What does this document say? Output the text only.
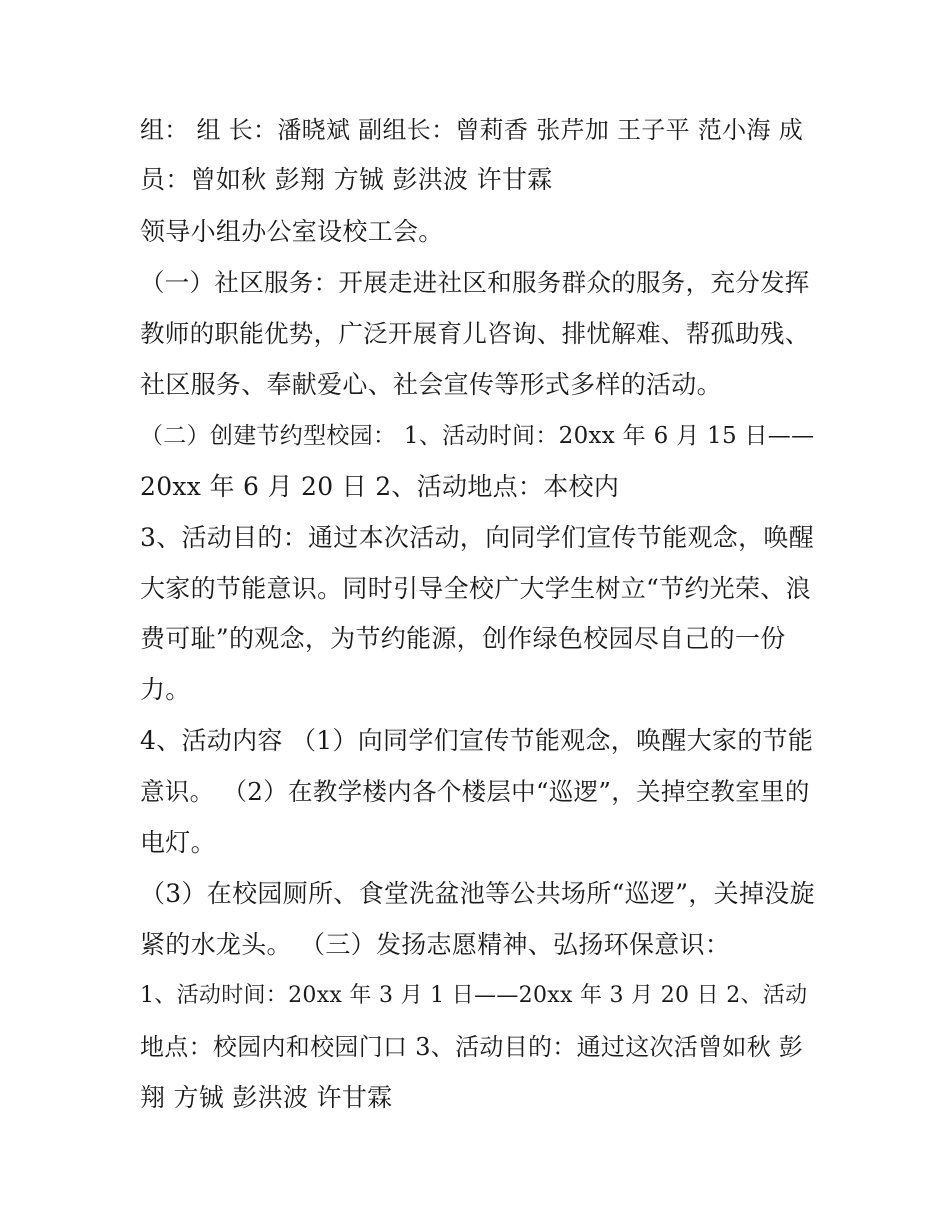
组： 组 长：潘晓斌 副组长：曾莉香 张芹加 王子平 范小海 成
员：曾如秋 彭翔 方铖 彭洪波 许甘霖
领导小组办公室设校工会。
（一）社区服务：开展走进社区和服务群众的服务，充分发挥
教师的职能优势，广泛开展育儿咨询、排忧解难、帮孤助残、
社区服务、奉献爱心、社会宣传等形式多样的活动。
（二）创建节约型校园： 1、活动时间：20xx 年 6 月 15 日——
20xx 年 6 月 20 日 2、活动地点：本校内
3、活动目的：通过本次活动，向同学们宣传节能观念，唤醒
大家的节能意识。同时引导全校广大学生树立“节约光荣、浪
费可耻”的观念，为节约能源，创作绿色校园尽自己的一份
力。
4、活动内容 （1）向同学们宣传节能观念，唤醒大家的节能
意识。 （2）在教学楼内各个楼层中“巡逻”，关掉空教室里的
电灯。
（3）在校园厕所、食堂洗盆池等公共场所“巡逻”，关掉没旋
紧的水龙头。 （三）发扬志愿精神、弘扬环保意识：
1、活动时间：20xx 年 3 月 1 日——20xx 年 3 月 20 日 2、活动
地点：校园内和校园门口 3、活动目的：通过这次活曾如秋 彭
翔 方铖 彭洪波 许甘霖
